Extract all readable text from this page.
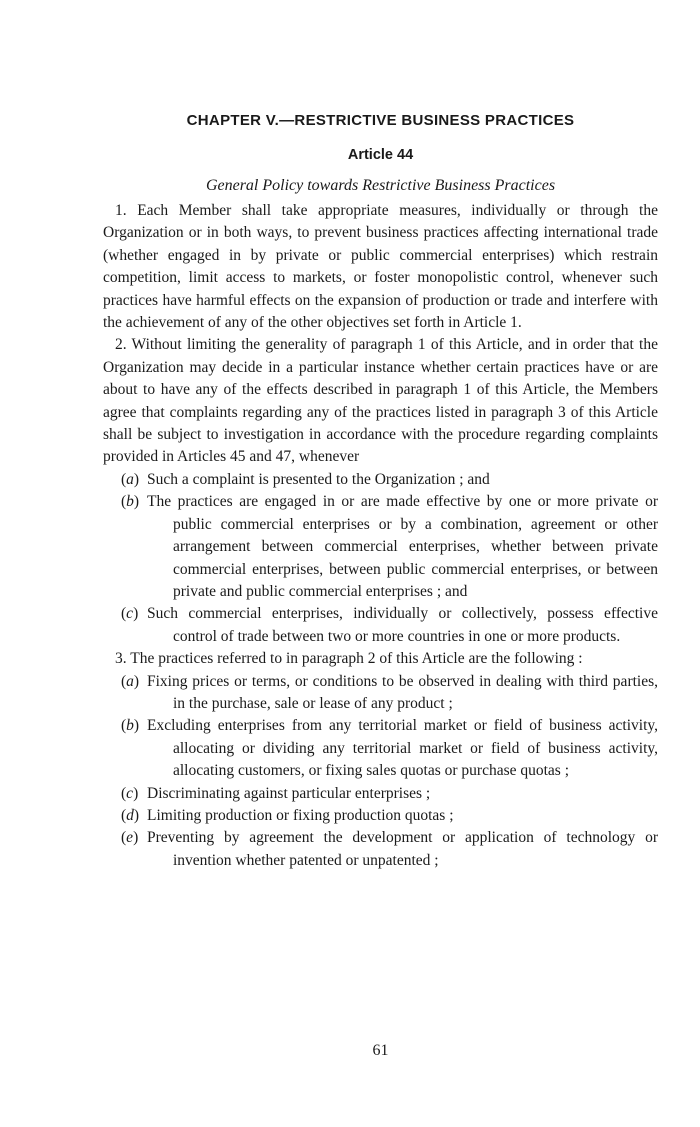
CHAPTER V.—RESTRICTIVE BUSINESS PRACTICES
Article 44
General Policy towards Restrictive Business Practices

1. Each Member shall take appropriate measures, individually or through the Organization or in both ways, to prevent business practices affecting international trade (whether engaged in by private or public commercial enterprises) which restrain competition, limit access to markets, or foster monopolistic control, whenever such practices have harmful effects on the expansion of production or trade and interfere with the achievement of any of the other objectives set forth in Article 1.

2. Without limiting the generality of paragraph 1 of this Article, and in order that the Organization may decide in a particular instance whether certain practices have or are about to have any of the effects described in paragraph 1 of this Article, the Members agree that complaints regarding any of the practices listed in paragraph 3 of this Article shall be subject to investigation in accordance with the procedure regarding complaints provided in Articles 45 and 47, whenever

(a) Such a complaint is presented to the Organization ; and
(b) The practices are engaged in or are made effective by one or more private or public commercial enterprises or by a combination, agreement or other arrangement between commercial enterprises, whether between private commercial enterprises, between public commercial enterprises, or between private and public commercial enterprises ; and
(c) Such commercial enterprises, individually or collectively, possess effective control of trade between two or more countries in one or more products.

3. The practices referred to in paragraph 2 of this Article are the following :

(a) Fixing prices or terms, or conditions to be observed in dealing with third parties, in the purchase, sale or lease of any product ;
(b) Excluding enterprises from any territorial market or field of business activity, allocating or dividing any territorial market or field of business activity, allocating customers, or fixing sales quotas or purchase quotas ;
(c) Discriminating against particular enterprises ;
(d) Limiting production or fixing production quotas ;
(e) Preventing by agreement the development or application of technology or invention whether patented or unpatented ;
61
